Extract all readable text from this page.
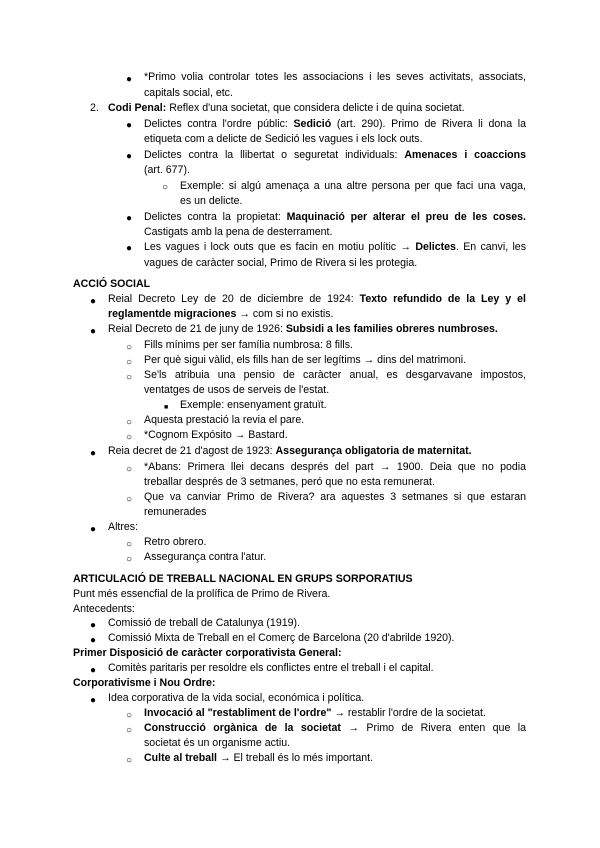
● *Primo volia controlar totes les associacions i les seves activitats, associats,
capitals social, etc.
2. Codi Penal: Reflex d'una societat, que considera delicte i de quina societat.
● Delictes contra l'ordre públic: Sedició (art. 290). Primo de Rivera li dona la
etiqueta com a delicte de Sedició les vagues i els lock outs.
● Delictes contra la llibertat o seguretat individuals: Amenaces i coaccions
(art. 677).
○ Exemple: si algú amenaça a una altre persona per que faci una vaga,
es un delicte.
● Delictes contra la propietat: Maquinació per alterar el preu de les coses.
Castigats amb la pena de desterrament.
● Les vagues i lock outs que es facin en motiu polític → Delictes. En canvi, les
vagues de caràcter social, Primo de Rivera si les protegia.
ACCIÓ SOCIAL
● Reial Decreto Ley de 20 de diciembre de 1924: Texto refundido de la Ley y el
reglamentde migraciones → com si no existis.
● Reial Decreto de 21 de juny de 1926: Subsidi a les families obreres numbroses.
○ Fills mínims per ser família numbrosa: 8 fills.
○ Per què sigui vàlid, els fills han de ser legítims → dins del matrimoni.
○ Se'ls atribuia una pensio de caràcter anual, es desgarvavane impostos,
ventatges de usos de serveis de l'estat.
■ Exemple: ensenyament gratuït.
○ Aquesta prestació la revia el pare.
○ *Cognom Expósito → Bastard.
● Reia decret de 21 d'agost de 1923: Assegurança obligatoria de maternitat.
○ *Abans: Primera llei decans després del part → 1900. Deia que no podia
treballar després de 3 setmanes, peró que no esta remunerat.
○ Que va canviar Primo de Rivera? ara aquestes 3 setmanes si que estaran
remunerades
● Altres:
○ Retro obrero.
○ Assegurança contra l'atur.
ARTICULACIÓ DE TREBALL NACIONAL EN GRUPS SORPORATIUS
Punt més essencfial de la prolífica de Primo de Rivera.
Antecedents:
● Comissió de treball de Catalunya (1919).
● Comissió Mixta de Treball en el Comerç de Barcelona (20 d'abrilde 1920).
Primer Disposició de caràcter corporativista General:
● Comitès paritaris per resoldre els conflictes entre el treball i el capital.
Corporativisme i Nou Ordre:
● Idea corporativa de la vida social, económica i política.
○ Invocació al "restabliment de l'ordre" → restablir l'ordre de la societat.
○ Construcció orgànica de la societat → Primo de Rivera enten que la
societat és un organisme actiu.
○ Culte al treball → El treball és lo més important.
